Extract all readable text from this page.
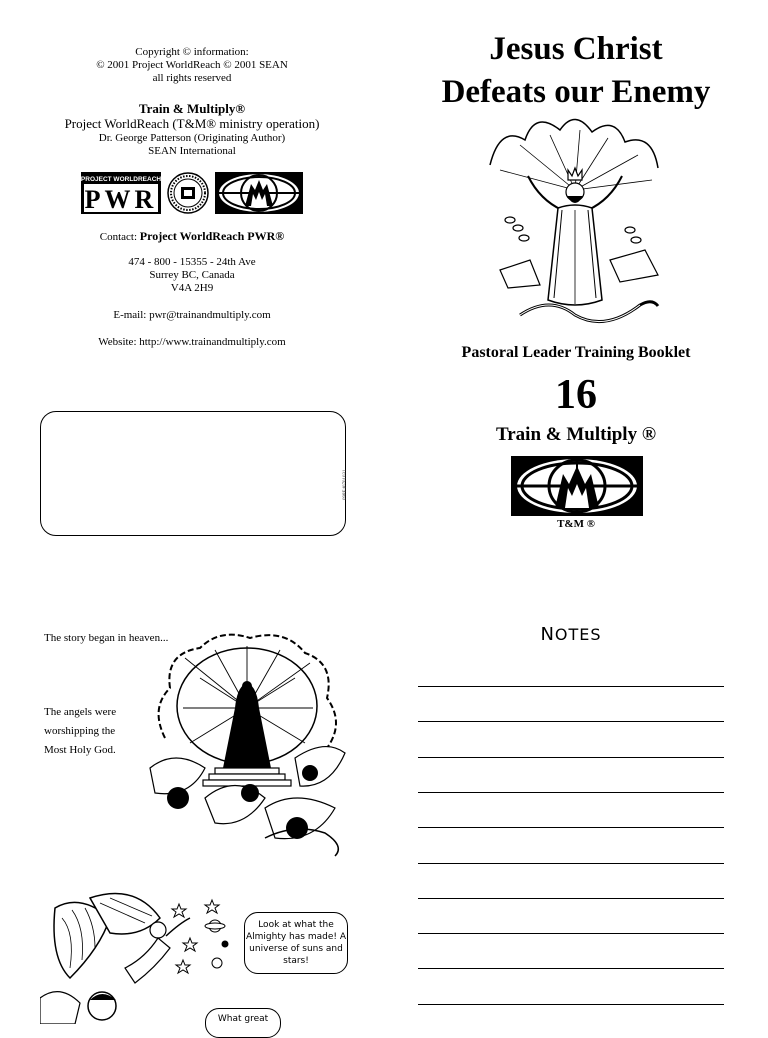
Copyright © information:
© 2001 Project WorldReach © 2001 SEAN
all rights reserved
Train & Multiply®
Project WorldReach (T&M® ministry operation)
Dr. George Patterson (Originating Author)
SEAN International
PROJECT WORLDREACH
PWR
Contact: Project WorldReach PWR®
474 - 800 - 15355 - 24th Ave
Surrey BC, Canada
V4A 2H9
E-mail: pwr@trainandmultiply.com
Website: http://www.trainandmultiply.com
098E40701031
Jesus Christ
Defeats our Enemy
Pastoral Leader Training Booklet
16
Train & Multiply ®
TM
T&M ®
The story began in heaven...
The angels were worshipping the Most Holy God.
Look at what the Almighty has made! A universe of suns and stars!
What great
NOTES
